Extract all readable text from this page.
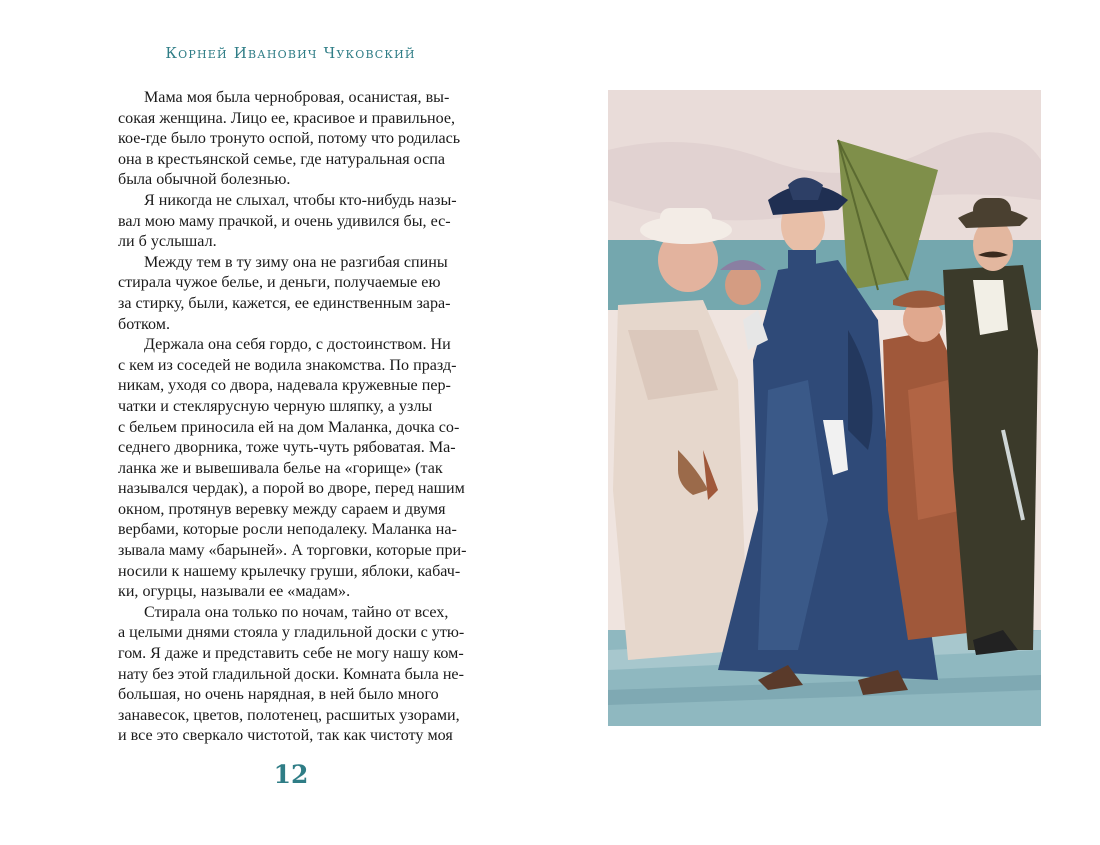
Корней Иванович Чуковский

Мама моя была чернобровая, осанистая, вы-
сокая женщина. Лицо ее, красивое и правильное,
кое-где было тронуто оспой, потому что родилась
она в крестьянской семье, где натуральная оспа
была обычной болезнью.

Я никогда не слыхал, чтобы кто-нибудь назы-
вал мою маму прачкой, и очень удивился бы, ес-
ли б услышал.

Между тем в ту зиму она не разгибая спины
стирала чужое белье, и деньги, получаемые ею
за стирку, были, кажется, ее единственным зара-
ботком.

Держала она себя гордо, с достоинством. Ни
с кем из соседей не водила знакомства. По празд-
никам, уходя со двора, надевала кружевные пер-
чатки и стеклярусную черную шляпку, а узлы
с бельем приносила ей на дом Маланка, дочка со-
седнего дворника, тоже чуть-чуть рябоватая. Ма-
ланка же и вывешивала белье на «горище» (так
назывался чердак), а порой во дворе, перед нашим
окном, протянув веревку между сараем и двумя
вербами, которые росли неподалеку. Маланка на-
зывала маму «барыней». А торговки, которые при-
носили к нашему крылечку груши, яблоки, кабач-
ки, огурцы, называли ее «мадам».

Стирала она только по ночам, тайно от всех,
а целыми днями стояла у гладильной доски с утю-
гом. Я даже и представить себе не могу нашу ком-
нату без этой гладильной доски. Комната была не-
большая, но очень нарядная, в ней было много
занавесок, цветов, полотенец, расшитых узорами,
и все это сверкало чистотой, так как чистоту моя

12
